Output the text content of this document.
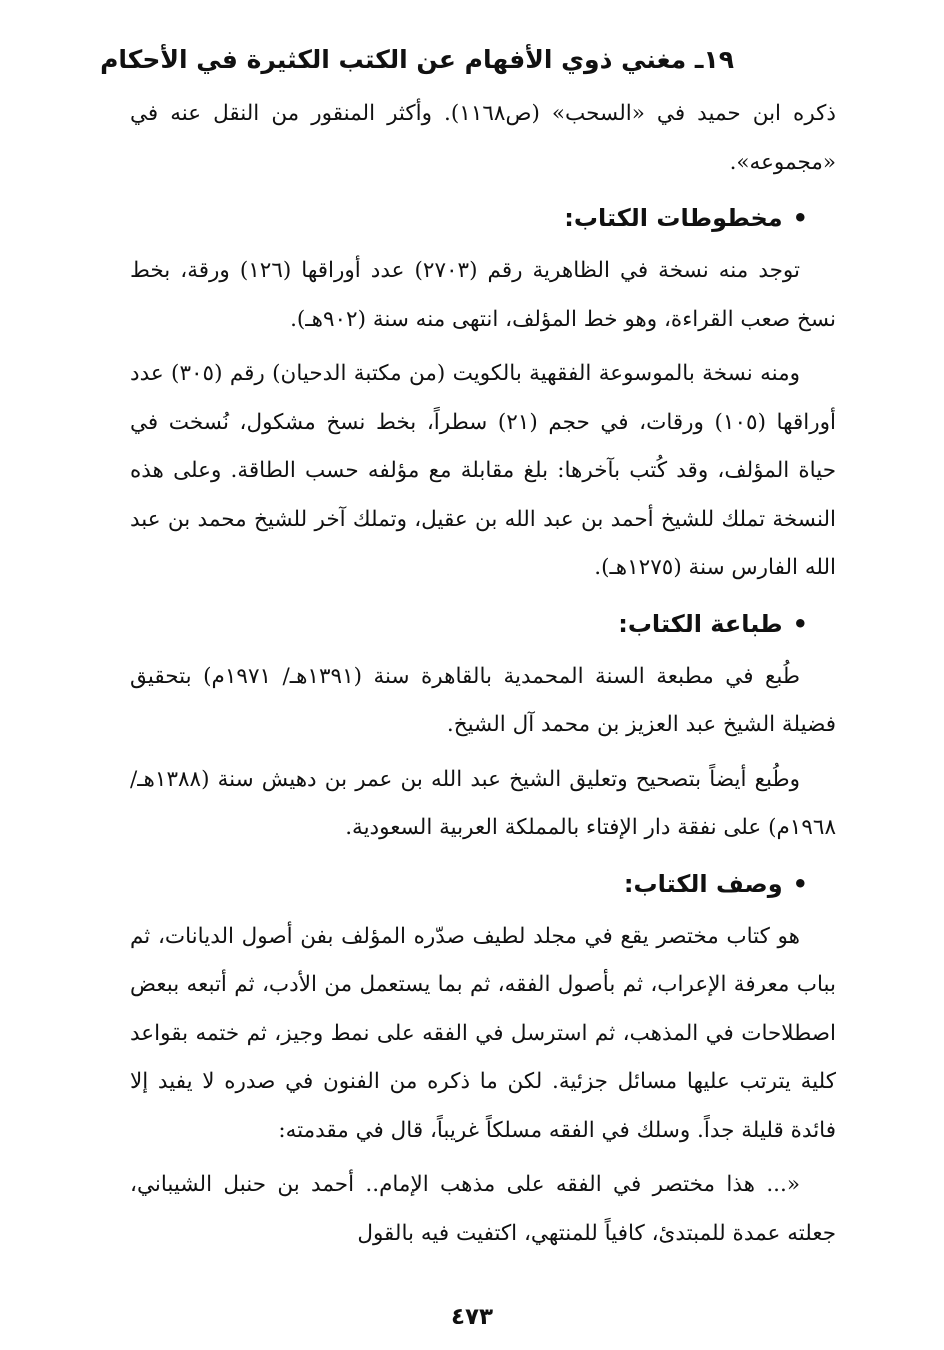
١٩ـ مغني ذوي الأفهام عن الكتب الكثيرة في الأحكام

ذكره ابن حميد في «السحب» (ص١١٦٨). وأكثر المنقور من النقل عنه في «مجموعه».

•مخطوطات الكتاب:

توجد منه نسخة في الظاهرية رقم (٢٧٠٣) عدد أوراقها (١٢٦) ورقة، بخط نسخ صعب القراءة، وهو خط المؤلف، انتهى منه سنة (٩٠٢هـ).

ومنه نسخة بالموسوعة الفقهية بالكويت (من مكتبة الدحيان) رقم (٣٠٥) عدد أوراقها (١٠٥) ورقات، في حجم (٢١) سطراً، بخط نسخ مشكول، نُسخت في حياة المؤلف، وقد كُتب بآخرها: بلغ مقابلة مع مؤلفه حسب الطاقة. وعلى هذه النسخة تملك للشيخ أحمد بن عبد الله بن عقيل، وتملك آخر للشيخ محمد بن عبد الله الفارس سنة (١٢٧٥هـ).

•طباعة الكتاب:

طُبع في مطبعة السنة المحمدية بالقاهرة سنة (١٣٩١هـ/ ١٩٧١م) بتحقيق فضيلة الشيخ عبد العزيز بن محمد آل الشيخ.

وطُبع أيضاً بتصحيح وتعليق الشيخ عبد الله بن عمر بن دهيش سنة (١٣٨٨هـ/ ١٩٦٨م) على نفقة دار الإفتاء بالمملكة العربية السعودية.

•وصف الكتاب:

هو كتاب مختصر يقع في مجلد لطيف صدّره المؤلف بفن أصول الديانات، ثم بباب معرفة الإعراب، ثم بأصول الفقه، ثم بما يستعمل من الأدب، ثم أتبعه ببعض اصطلاحات في المذهب، ثم استرسل في الفقه على نمط وجيز، ثم ختمه بقواعد كلية يترتب عليها مسائل جزئية. لكن ما ذكره من الفنون في صدره لا يفيد إلا فائدة قليلة جداً. وسلك في الفقه مسلكاً غريباً، قال في مقدمته:

«... هذا مختصر في الفقه على مذهب الإمام.. أحمد بن حنبل الشيباني، جعلته عمدة للمبتدئ، كافياً للمنتهي، اكتفيت فيه بالقول

٤٧٣
